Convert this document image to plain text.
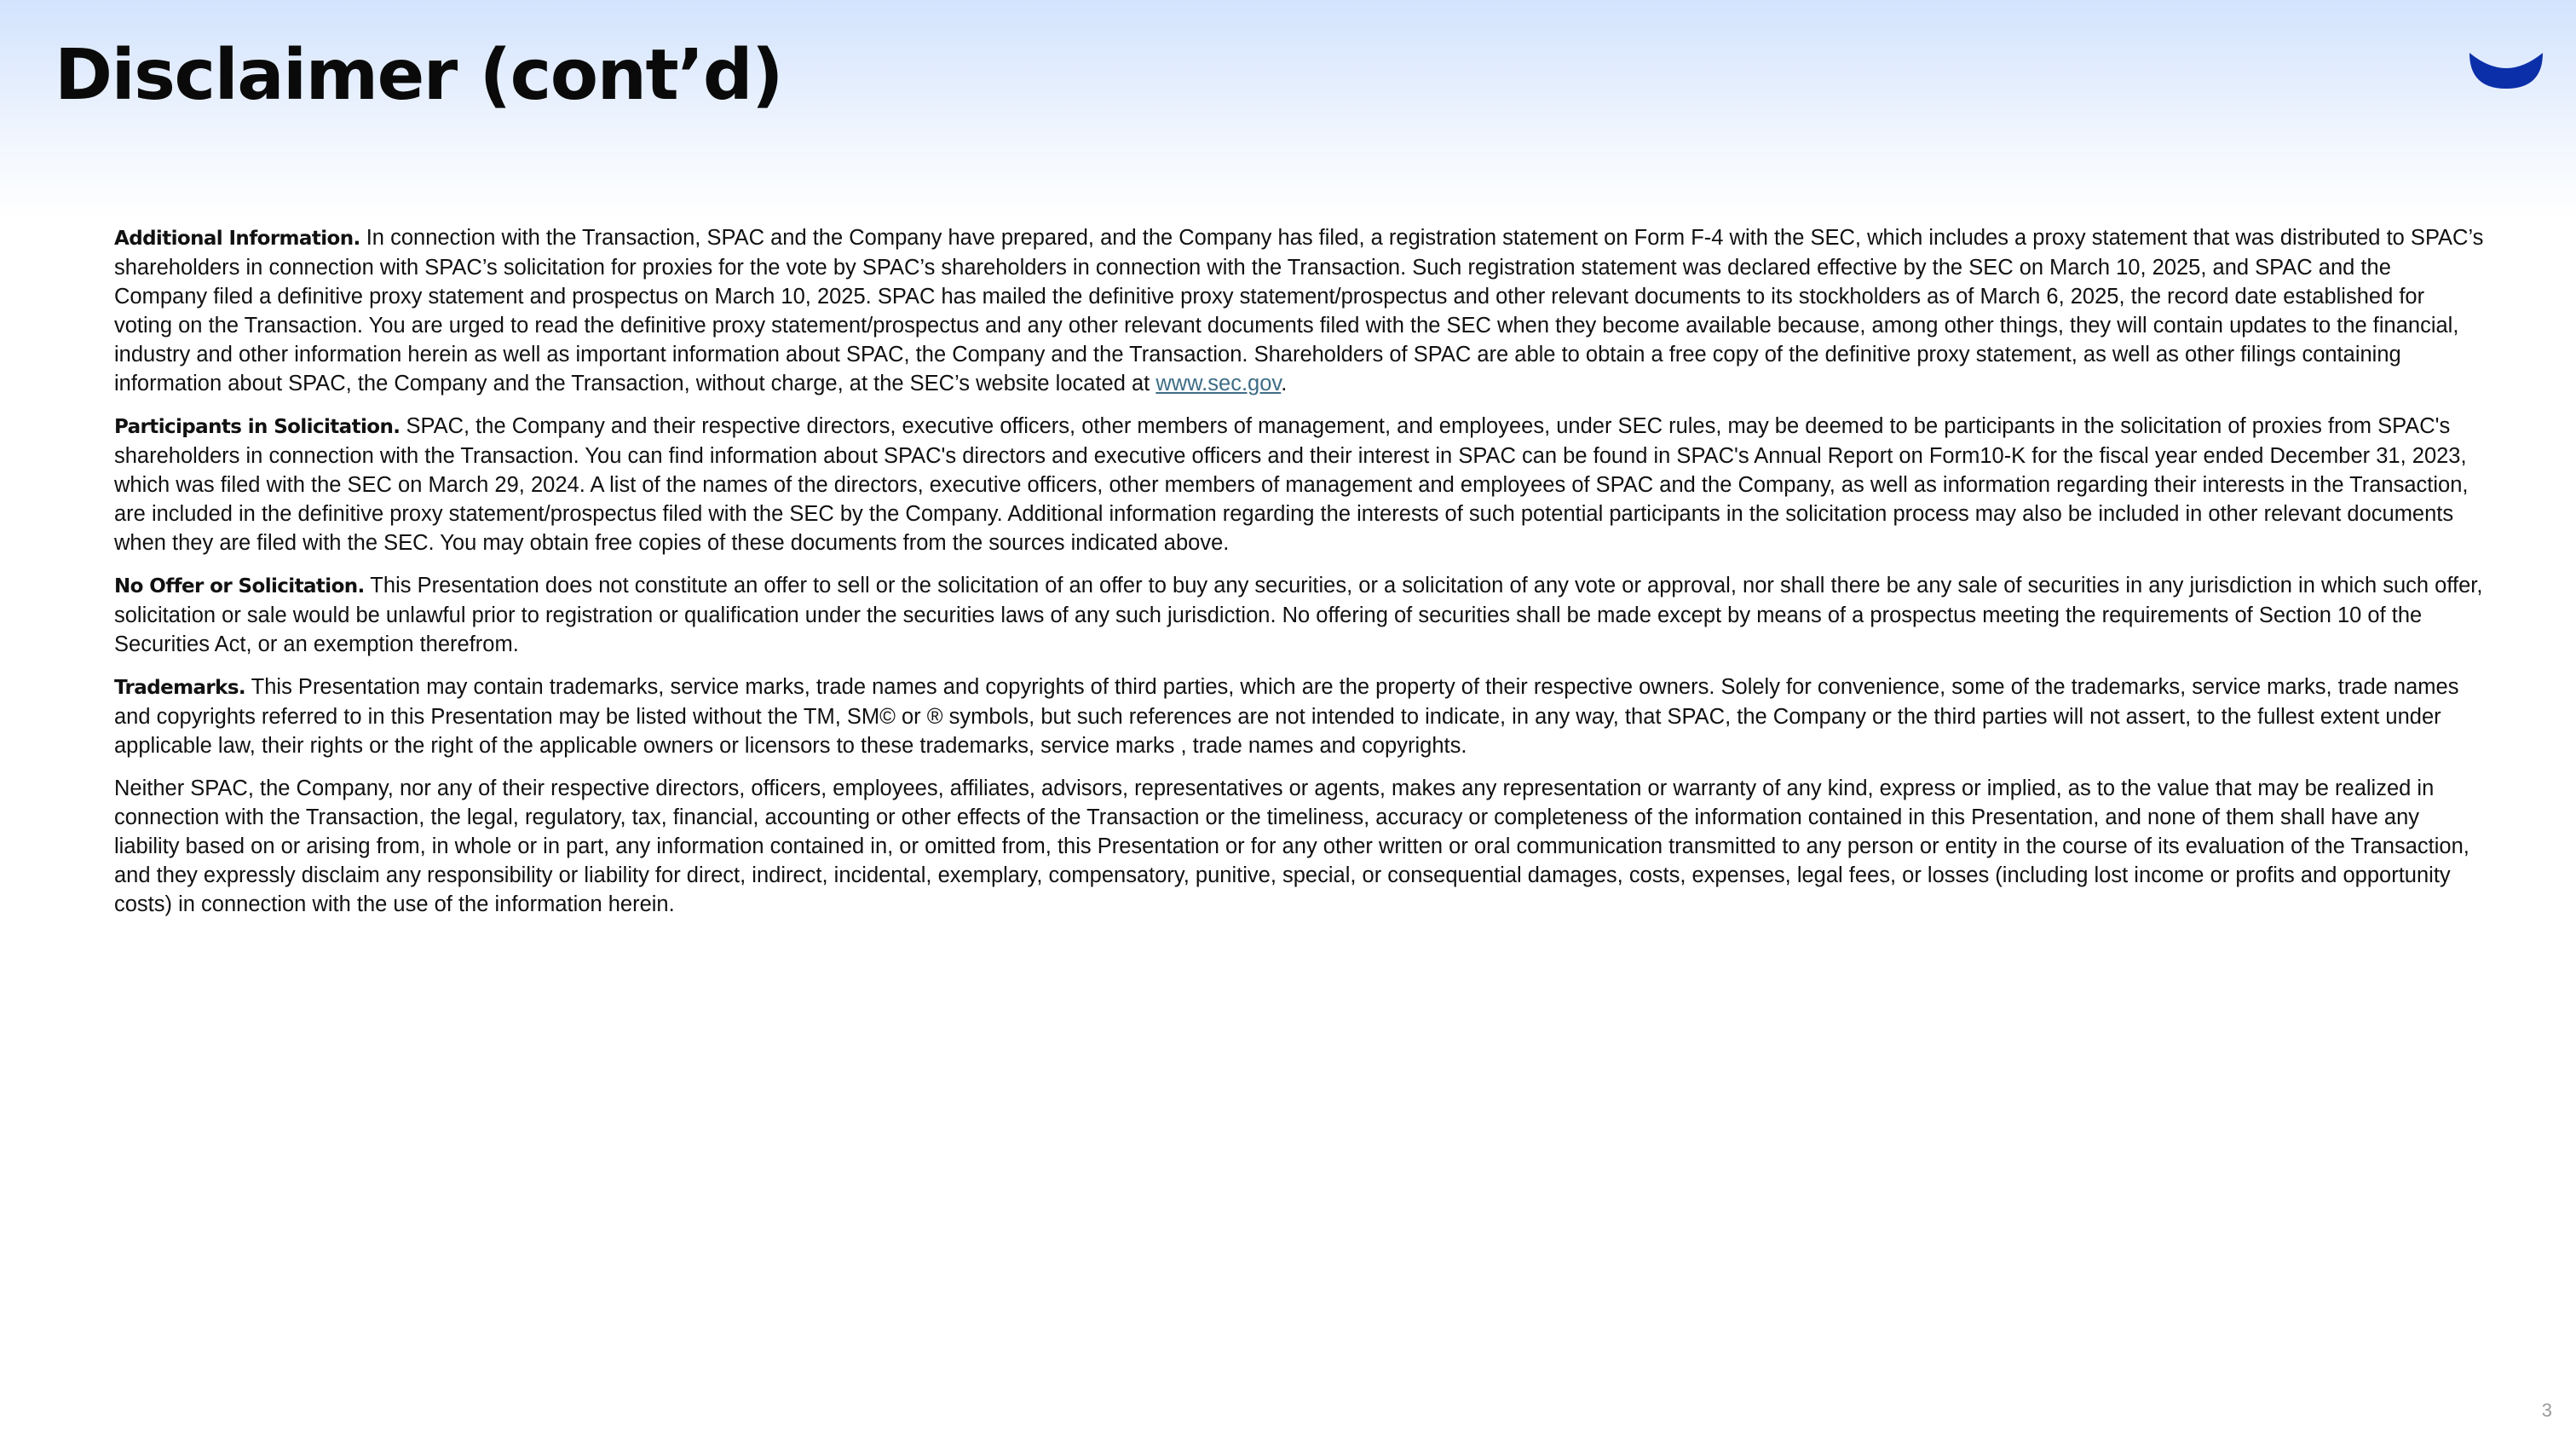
Disclaimer (cont’d)

Additional Information. In connection with the Transaction, SPAC and the Company have prepared, and the Company has filed, a registration statement on Form F-4 with the SEC, which includes a proxy statement that was distributed to SPAC’s shareholders in connection with SPAC’s solicitation for proxies for the vote by SPAC’s shareholders in connection with the Transaction. Such registration statement was declared effective by the SEC on March 10, 2025, and SPAC and the Company filed a definitive proxy statement and prospectus on March 10, 2025. SPAC has mailed the definitive proxy statement/prospectus and other relevant documents to its stockholders as of March 6, 2025, the record date established for voting on the Transaction. You are urged to read the definitive proxy statement/prospectus and any other relevant documents filed with the SEC when they become available because, among other things, they will contain updates to the financial, industry and other information herein as well as important information about SPAC, the Company and the Transaction. Shareholders of SPAC are able to obtain a free copy of the definitive proxy statement, as well as other filings containing information about SPAC, the Company and the Transaction, without charge, at the SEC’s website located at www.sec.gov.

Participants in Solicitation. SPAC, the Company and their respective directors, executive officers, other members of management, and employees, under SEC rules, may be deemed to be participants in the solicitation of proxies from SPAC's shareholders in connection with the Transaction. You can find information about SPAC's directors and executive officers and their interest in SPAC can be found in SPAC's Annual Report on Form10-K for the fiscal year ended December 31, 2023, which was filed with the SEC on March 29, 2024. A list of the names of the directors, executive officers, other members of management and employees of SPAC and the Company, as well as information regarding their interests in the Transaction, are included in the definitive proxy statement/prospectus filed with the SEC by the Company. Additional information regarding the interests of such potential participants in the solicitation process may also be included in other relevant documents when they are filed with the SEC. You may obtain free copies of these documents from the sources indicated above.

No Offer or Solicitation. This Presentation does not constitute an offer to sell or the solicitation of an offer to buy any securities, or a solicitation of any vote or approval, nor shall there be any sale of securities in any jurisdiction in which such offer, solicitation or sale would be unlawful prior to registration or qualification under the securities laws of any such jurisdiction. No offering of securities shall be made except by means of a prospectus meeting the requirements of Section 10 of the Securities Act, or an exemption therefrom.

Trademarks. This Presentation may contain trademarks, service marks, trade names and copyrights of third parties, which are the property of their respective owners. Solely for convenience, some of the trademarks, service marks, trade names and copyrights referred to in this Presentation may be listed without the TM, SM© or ® symbols, but such references are not intended to indicate, in any way, that SPAC, the Company or the third parties will not assert, to the fullest extent under applicable law, their rights or the right of the applicable owners or licensors to these trademarks, service marks , trade names and copyrights.

Neither SPAC, the Company, nor any of their respective directors, officers, employees, affiliates, advisors, representatives or agents, makes any representation or warranty of any kind, express or implied, as to the value that may be realized in connection with the Transaction, the legal, regulatory, tax, financial, accounting or other effects of the Transaction or the timeliness, accuracy or completeness of the information contained in this Presentation, and none of them shall have any liability based on or arising from, in whole or in part, any information contained in, or omitted from, this Presentation or for any other written or oral communication transmitted to any person or entity in the course of its evaluation of the Transaction, and they expressly disclaim any responsibility or liability for direct, indirect, incidental, exemplary, compensatory, punitive, special, or consequential damages, costs, expenses, legal fees, or losses (including lost income or profits and opportunity costs) in connection with the use of the information herein.

3
